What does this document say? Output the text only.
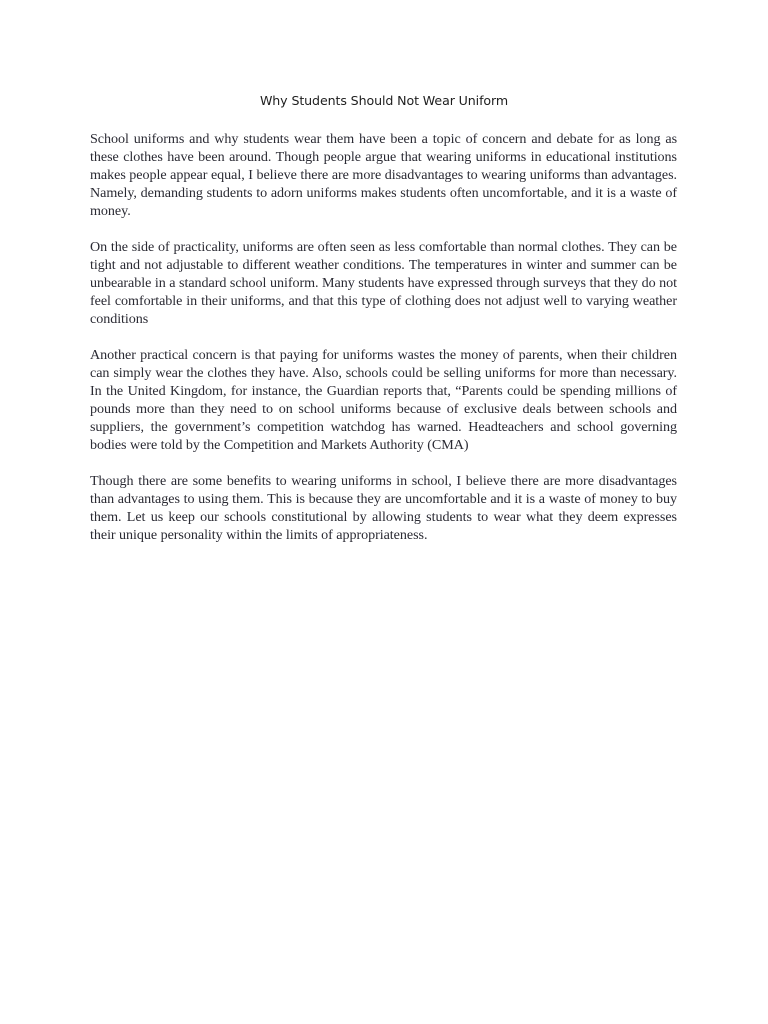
Why Students Should Not Wear Uniform

School uniforms and why students wear them have been a topic of concern and debate for as long as these clothes have been around. Though people argue that wearing uniforms in educational institutions makes people appear equal, I believe there are more disadvantages to wearing uniforms than advantages. Namely, demanding students to adorn uniforms makes students often uncomfortable, and it is a waste of money.

On the side of practicality, uniforms are often seen as less comfortable than normal clothes. They can be tight and not adjustable to different weather conditions. The temperatures in winter and summer can be unbearable in a standard school uniform. Many students have expressed through surveys that they do not feel comfortable in their uniforms, and that this type of clothing does not adjust well to varying weather conditions

Another practical concern is that paying for uniforms wastes the money of parents, when their children can simply wear the clothes they have. Also, schools could be selling uniforms for more than necessary. In the United Kingdom, for instance, the Guardian reports that, “Parents could be spending millions of pounds more than they need to on school uniforms because of exclusive deals between schools and suppliers, the government’s competition watchdog has warned. Headteachers and school governing bodies were told by the Competition and Markets Authority (CMA)

Though there are some benefits to wearing uniforms in school, I believe there are more disadvantages than advantages to using them. This is because they are uncomfortable and it is a waste of money to buy them. Let us keep our schools constitutional by allowing students to wear what they deem expresses their unique personality within the limits of appropriateness.
